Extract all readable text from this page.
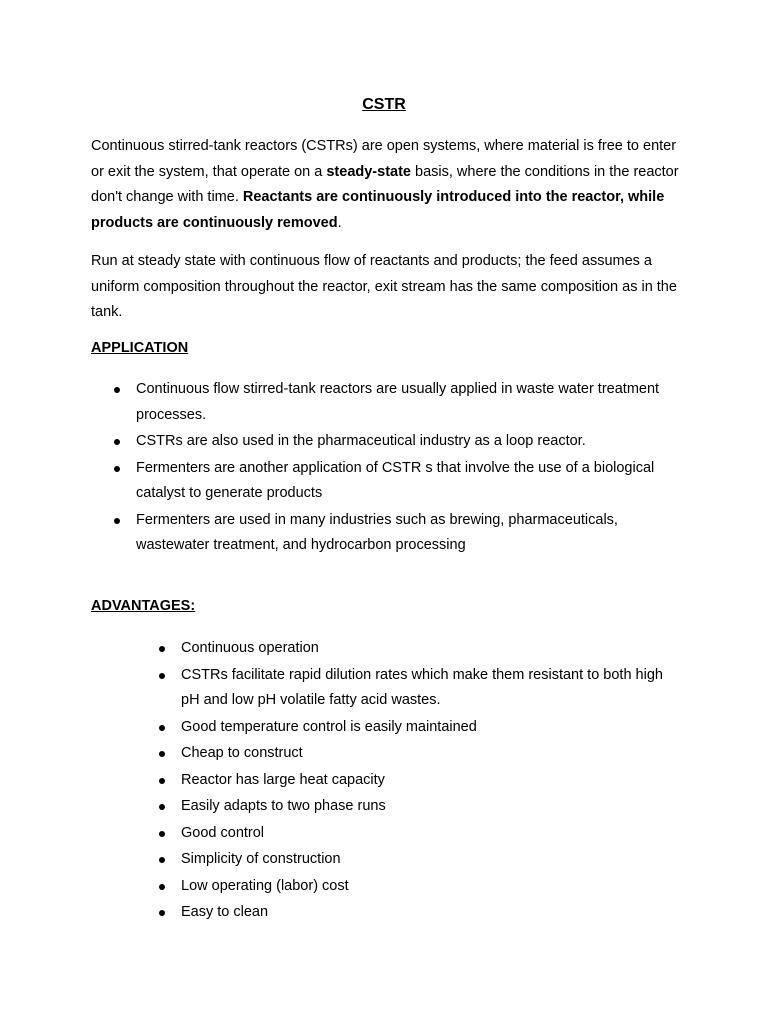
CSTR

Continuous stirred-tank reactors (CSTRs) are open systems, where material is free to enter or exit the system, that operate on a steady-state basis, where the conditions in the reactor don't change with time. Reactants are continuously introduced into the reactor, while products are continuously removed.

Run at steady state with continuous flow of reactants and products; the feed assumes a uniform composition throughout the reactor, exit stream has the same composition as in the tank.

APPLICATION
Continuous flow stirred-tank reactors are usually applied in waste water treatment processes.
CSTRs are also used in the pharmaceutical industry as a loop reactor.
Fermenters are another application of CSTR s that involve the use of a biological catalyst to generate products
Fermenters are used in many industries such as brewing, pharmaceuticals, wastewater treatment, and hydrocarbon processing
ADVANTAGES:
Continuous operation
CSTRs facilitate rapid dilution rates which make them resistant to both high pH and low pH volatile fatty acid wastes.
Good temperature control is easily maintained
Cheap to construct
Reactor has large heat capacity
Easily adapts to two phase runs
Good control
Simplicity of construction
Low operating (labor) cost
Easy to clean
